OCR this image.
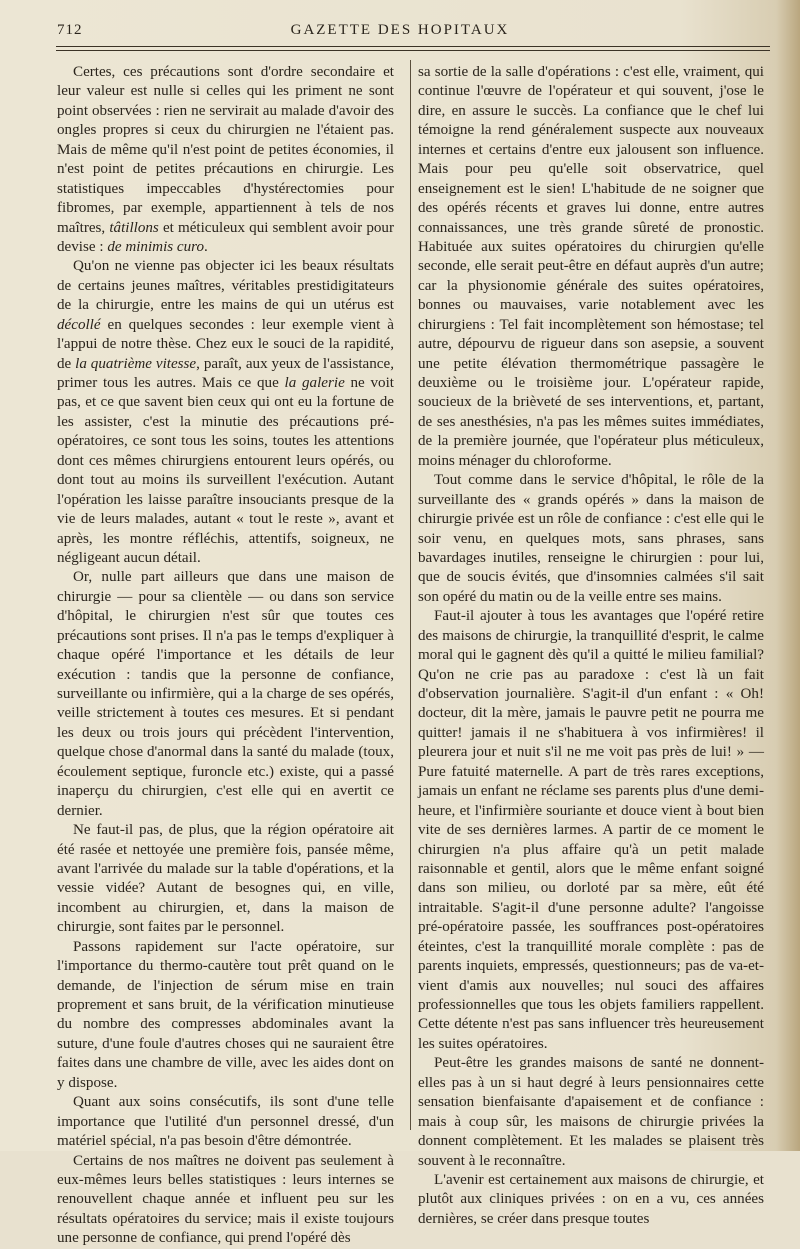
712	GAZETTE DES HOPITAUX

Certes, ces précautions sont d'ordre secondaire et leur valeur est nulle si celles qui les priment ne sont point observées : rien ne servirait au malade d'avoir des ongles propres si ceux du chirurgien ne l'étaient pas. Mais de même qu'il n'est point de petites économies, il n'est point de petites précautions en chirurgie. Les statistiques impeccables d'hystérectomies pour fibromes, par exemple, appartiennent à tels de nos maîtres, tâtillons et méticuleux qui semblent avoir pour devise : de minimis curo.

Qu'on ne vienne pas objecter ici les beaux résultats de certains jeunes maîtres, véritables prestidigitateurs de la chirurgie, entre les mains de qui un utérus est décollé en quelques secondes : leur exemple vient à l'appui de notre thèse. Chez eux le souci de la rapidité, de la quatrième vitesse, paraît, aux yeux de l'assistance, primer tous les autres. Mais ce que la galerie ne voit pas, et ce que savent bien ceux qui ont eu la fortune de les assister, c'est la minutie des précautions pré-opératoires, ce sont tous les soins, toutes les attentions dont ces mêmes chirurgiens entourent leurs opérés, ou dont tout au moins ils surveillent l'exécution. Autant l'opération les laisse paraître insouciants presque de la vie de leurs malades, autant « tout le reste », avant et après, les montre réfléchis, attentifs, soigneux, ne négligeant aucun détail.

Or, nulle part ailleurs que dans une maison de chirurgie — pour sa clientèle — ou dans son service d'hôpital, le chirurgien n'est sûr que toutes ces précautions sont prises. Il n'a pas le temps d'expliquer à chaque opéré l'importance et les détails de leur exécution : tandis que la personne de confiance, surveillante ou infirmière, qui a la charge de ses opérés, veille strictement à toutes ces mesures. Et si pendant les deux ou trois jours qui précèdent l'intervention, quelque chose d'anormal dans la santé du malade (toux, écoulement septique, furoncle etc.) existe, qui a passé inaperçu du chirurgien, c'est elle qui en avertit ce dernier.

Ne faut-il pas, de plus, que la région opératoire ait été rasée et nettoyée une première fois, pansée même, avant l'arrivée du malade sur la table d'opérations, et la vessie vidée? Autant de besognes qui, en ville, incombent au chirurgien, et, dans la maison de chirurgie, sont faites par le personnel.

Passons rapidement sur l'acte opératoire, sur l'importance du thermo-cautère tout prêt quand on le demande, de l'injection de sérum mise en train proprement et sans bruit, de la vérification minutieuse du nombre des compresses abdominales avant la suture, d'une foule d'autres choses qui ne sauraient être faites dans une chambre de ville, avec les aides dont on y dispose.

Quant aux soins consécutifs, ils sont d'une telle importance que l'utilité d'un personnel dressé, d'un matériel spécial, n'a pas besoin d'être démontrée.

Certains de nos maîtres ne doivent pas seulement à eux-mêmes leurs belles statistiques : leurs internes se renouvellent chaque année et influent peu sur les résultats opératoires du service; mais il existe toujours une personne de confiance, qui prend l'opéré dès

sa sortie de la salle d'opérations : c'est elle, vraiment, qui continue l'œuvre de l'opérateur et qui souvent, j'ose le dire, en assure le succès. La confiance que le chef lui témoigne la rend généralement suspecte aux nouveaux internes et certains d'entre eux jalousent son influence. Mais pour peu qu'elle soit observatrice, quel enseignement est le sien! L'habitude de ne soigner que des opérés récents et graves lui donne, entre autres connaissances, une très grande sûreté de pronostic. Habituée aux suites opératoires du chirurgien qu'elle seconde, elle serait peut-être en défaut auprès d'un autre; car la physionomie générale des suites opératoires, bonnes ou mauvaises, varie notablement avec les chirurgiens : Tel fait incomplètement son hémostase; tel autre, dépourvu de rigueur dans son asepsie, a souvent une petite élévation thermométrique passagère le deuxième ou le troisième jour. L'opérateur rapide, soucieux de la brièveté de ses interventions, et, partant, de ses anesthésies, n'a pas les mêmes suites immédiates, de la première journée, que l'opérateur plus méticuleux, moins ménager du chloroforme.

Tout comme dans le service d'hôpital, le rôle de la surveillante des « grands opérés » dans la maison de chirurgie privée est un rôle de confiance : c'est elle qui le soir venu, en quelques mots, sans phrases, sans bavardages inutiles, renseigne le chirurgien : pour lui, que de soucis évités, que d'insomnies calmées s'il sait son opéré du matin ou de la veille entre ses mains.

Faut-il ajouter à tous les avantages que l'opéré retire des maisons de chirurgie, la tranquillité d'esprit, le calme moral qui le gagnent dès qu'il a quitté le milieu familial? Qu'on ne crie pas au paradoxe : c'est là un fait d'observation journalière. S'agit-il d'un enfant : « Oh! docteur, dit la mère, jamais le pauvre petit ne pourra me quitter! jamais il ne s'habituera à vos infirmières! il pleurera jour et nuit s'il ne me voit pas près de lui! » — Pure fatuité maternelle. A part de très rares exceptions, jamais un enfant ne réclame ses parents plus d'une demi-heure, et l'infirmière souriante et douce vient à bout bien vite de ses dernières larmes. A partir de ce moment le chirurgien n'a plus affaire qu'à un petit malade raisonnable et gentil, alors que le même enfant soigné dans son milieu, ou dorloté par sa mère, eût été intraitable. S'agit-il d'une personne adulte? l'angoisse pré-opératoire passée, les souffrances post-opératoires éteintes, c'est la tranquillité morale complète : pas de parents inquiets, empressés, questionneurs; pas de va-et-vient d'amis aux nouvelles; nul souci des affaires professionnelles que tous les objets familiers rappellent. Cette détente n'est pas sans influencer très heureusement les suites opératoires.

Peut-être les grandes maisons de santé ne donnent-elles pas à un si haut degré à leurs pensionnaires cette sensation bienfaisante d'apaisement et de confiance : mais à coup sûr, les maisons de chirurgie privées la donnent complètement. Et les malades se plaisent très souvent à le reconnaître.

L'avenir est certainement aux maisons de chirurgie, et plutôt aux cliniques privées : on en a vu, ces années dernières, se créer dans presque toutes
